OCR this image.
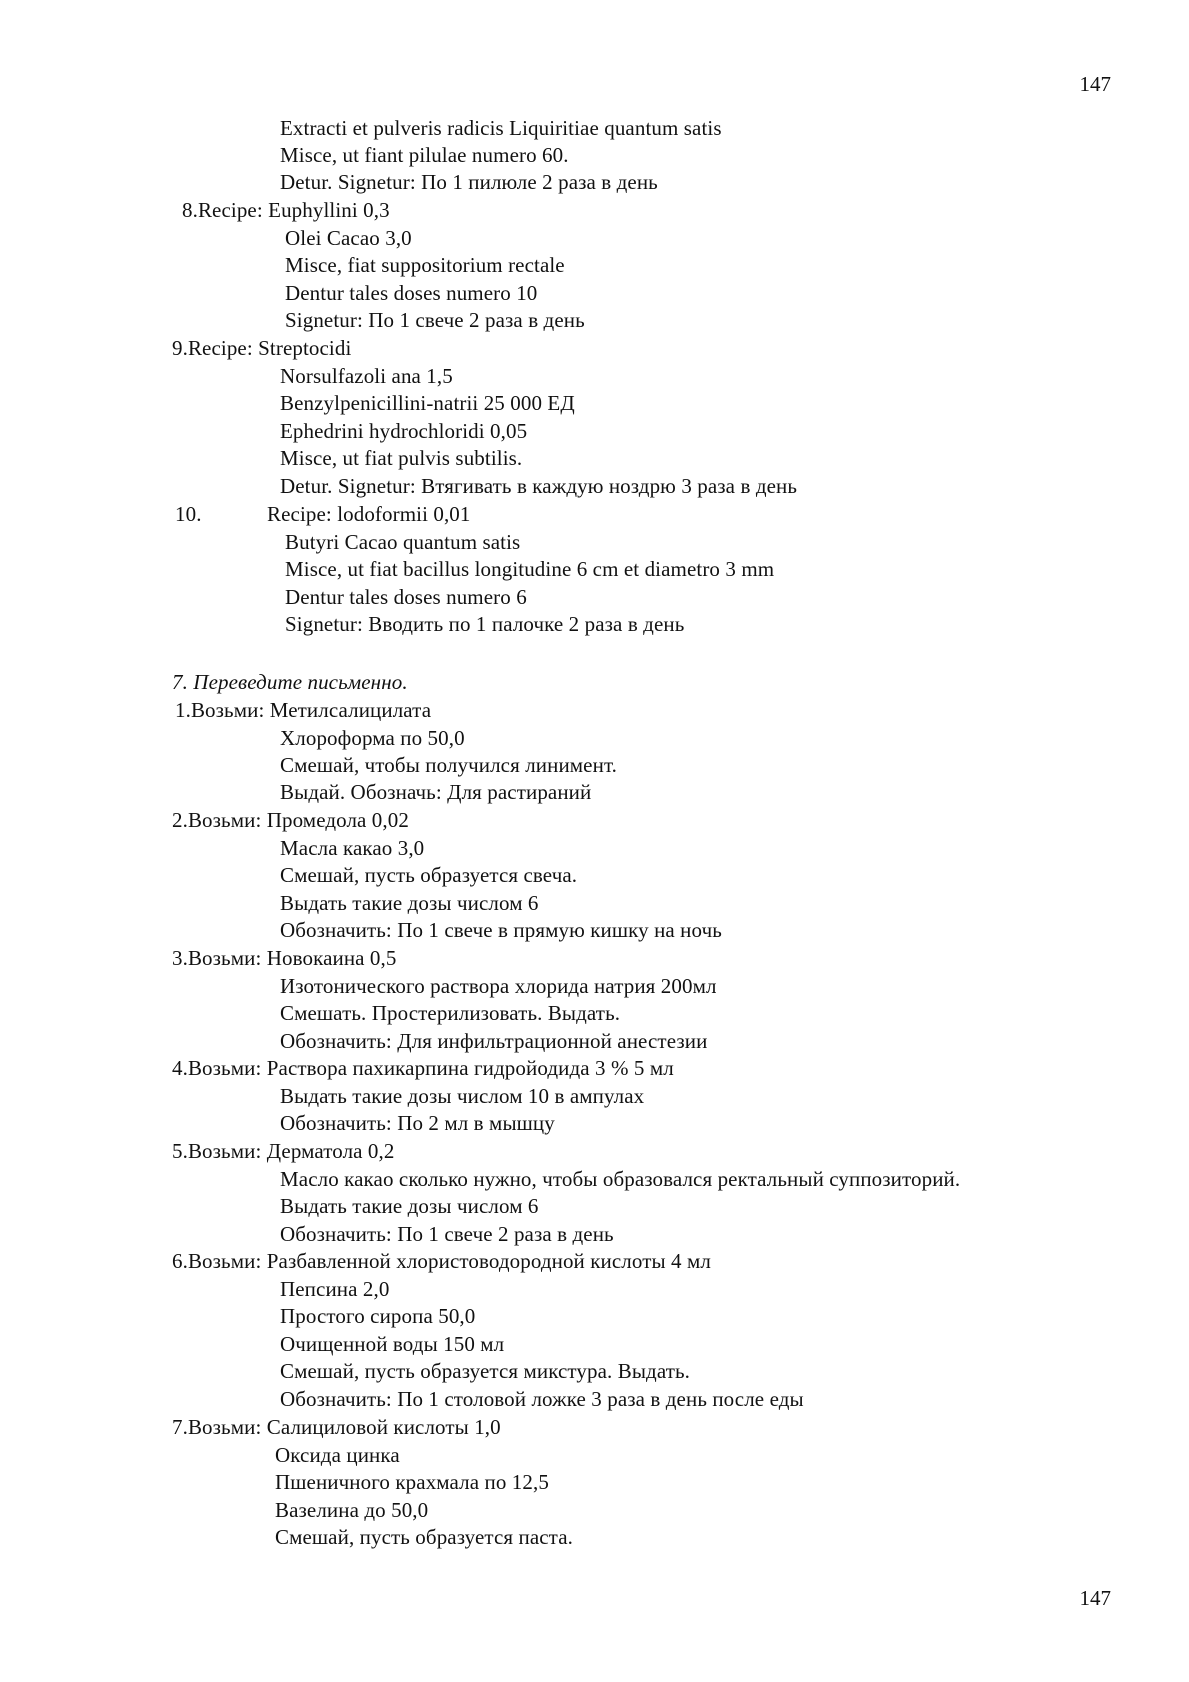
147
Extracti et pulveris radicis Liquiritiae quantum satis
Misce, ut fiant pilulae numero 60.
Detur. Signetur: По 1 пилюле 2 раза в день
8.Recipe: Euphyllini 0,3
Olei Cacao 3,0
Misce, fiat suppositorium rectale
Dentur tales doses numero 10
Signetur: По 1 свече 2 раза в день
9.Recipe: Streptocidi
Norsulfazoli ana 1,5
Benzylpenicillini-natrii 25 000 ЕД
Ephedrini hydrochloridi 0,05
Misce, ut fiat pulvis subtilis.
Detur. Signetur: Втягивать в каждую ноздрю 3 раза в день
10.	Recipe: lodoformii 0,01
Butyri Cacao quantum satis
Misce, ut fiat bacillus longitudine 6 cm et diametro 3 mm
Dentur tales doses numero 6
Signetur: Вводить по 1 палочке 2 раза в день
7. Переведите письменно.
1.Возьми: Метилсалицилата
Хлороформа по 50,0
Смешай, чтобы получился линимент.
Выдай. Обозначь: Для растираний
2.Возьми: Промедола 0,02
Масла какао 3,0
Смешай, пусть образуется свеча.
Выдать такие дозы числом 6
Обозначить: По 1 свече в прямую кишку на ночь
3.Возьми: Новокаина 0,5
Изотонического раствора хлорида натрия 200мл
Смешать. Простерилизовать. Выдать.
Обозначить: Для инфильтрационной анестезии
4.Возьми: Раствора пахикарпина гидройодида 3 % 5 мл
Выдать такие дозы числом 10 в ампулах
Обозначить: По 2 мл в мышцу
5.Возьми: Дерматола 0,2
Масло какао сколько нужно, чтобы образовался ректальный суппозиторий.
Выдать такие дозы числом 6
Обозначить: По 1 свече 2 раза в день
6.Возьми: Разбавленной хлористоводородной кислоты 4 мл
Пепсина 2,0
Простого сиропа 50,0
Очищенной воды 150 мл
Смешай, пусть образуется микстура. Выдать.
Обозначить: По 1 столовой ложке 3 раза в день после еды
7.Возьми: Салициловой кислоты 1,0
Оксида цинка
Пшеничного крахмала по 12,5
Вазелина до 50,0
Смешай, пусть образуется паста.
147
